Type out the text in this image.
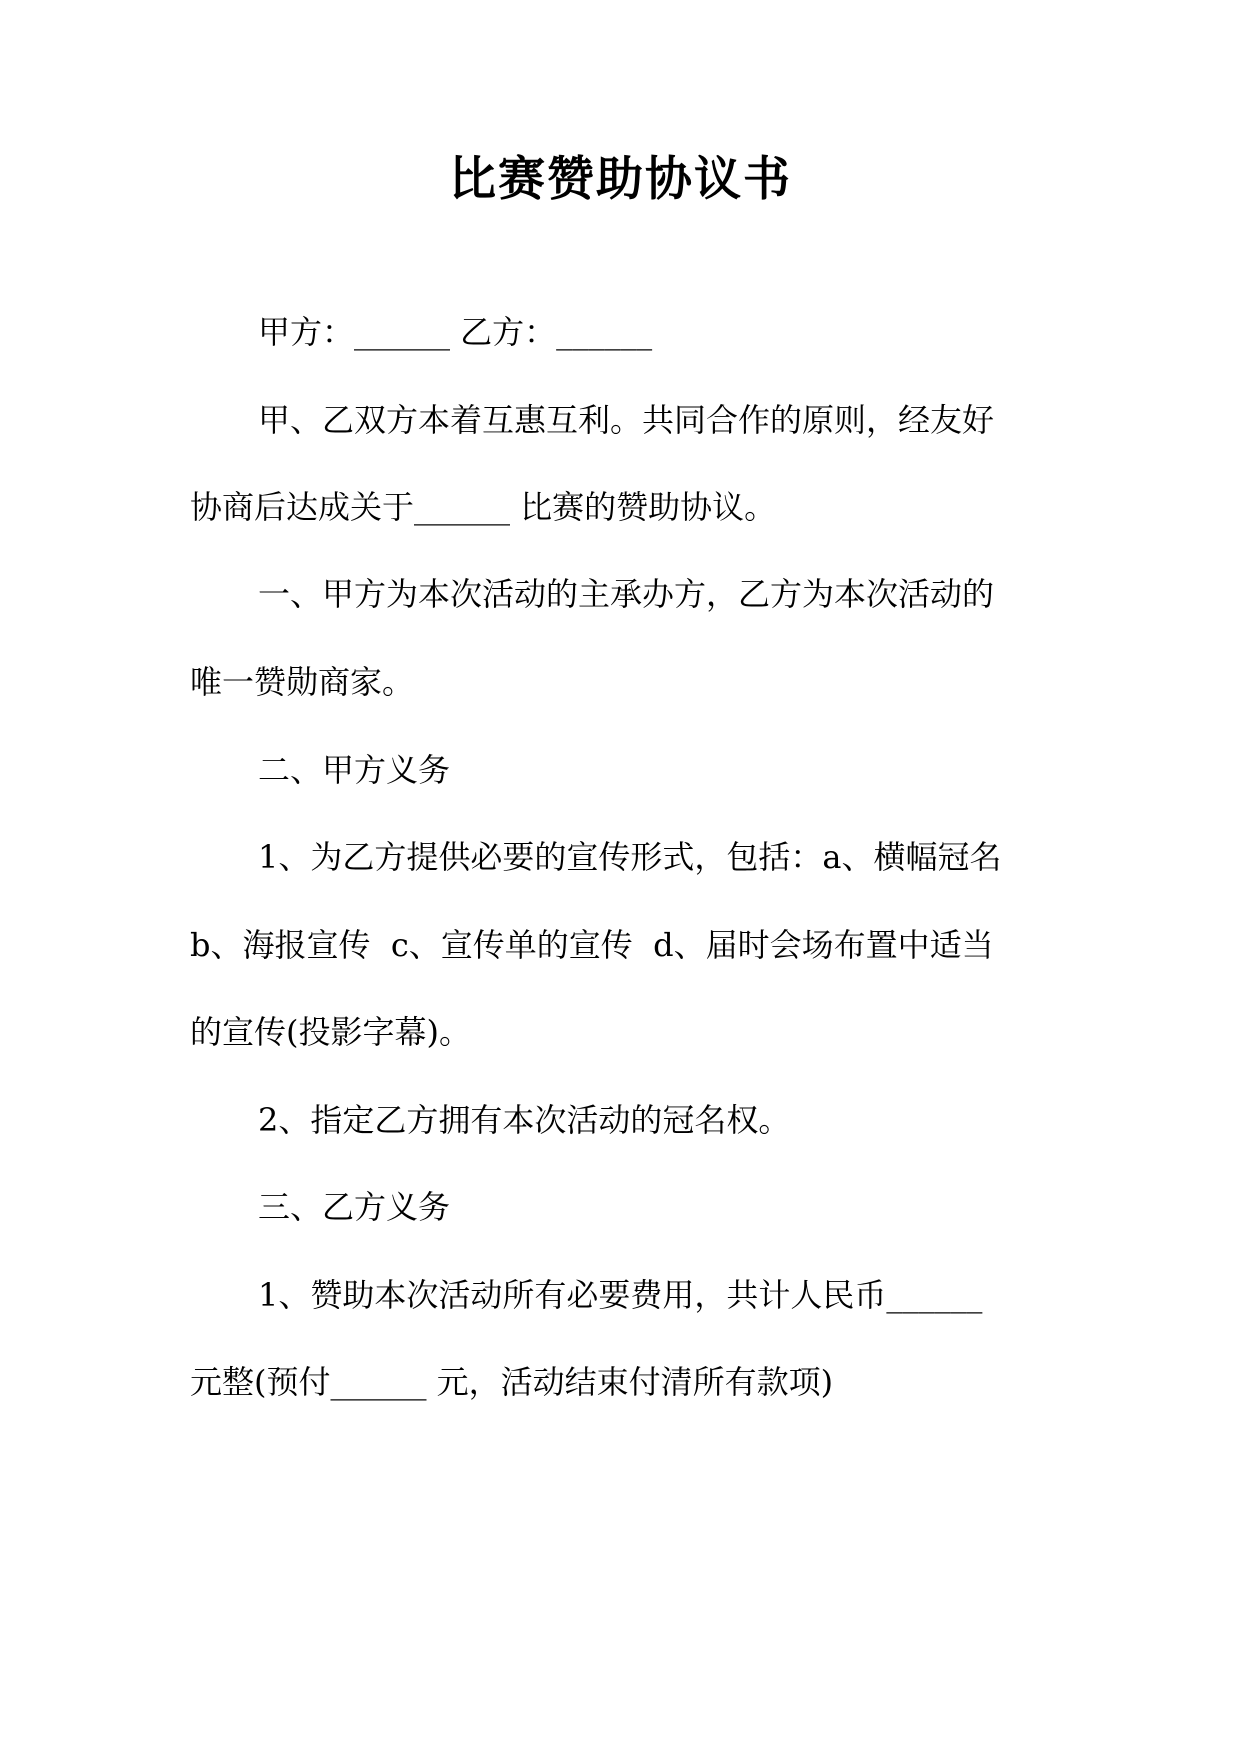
比赛赞助协议书
甲方：______ 乙方：______
甲、乙双方本着互惠互利。共同合作的原则，经友好
协商后达成关于______ 比赛的赞助协议。
一、甲方为本次活动的主承办方，乙方为本次活动的
唯一赞勋商家。
二、甲方义务
1、为乙方提供必要的宣传形式，包括：a、横幅冠名
b、海报宣传  c、宣传单的宣传  d、届时会场布置中适当
的宣传(投影字幕)。
2、指定乙方拥有本次活动的冠名权。
三、乙方义务
1、赞助本次活动所有必要费用，共计人民币______
元整(预付______ 元，活动结束付清所有款项)
